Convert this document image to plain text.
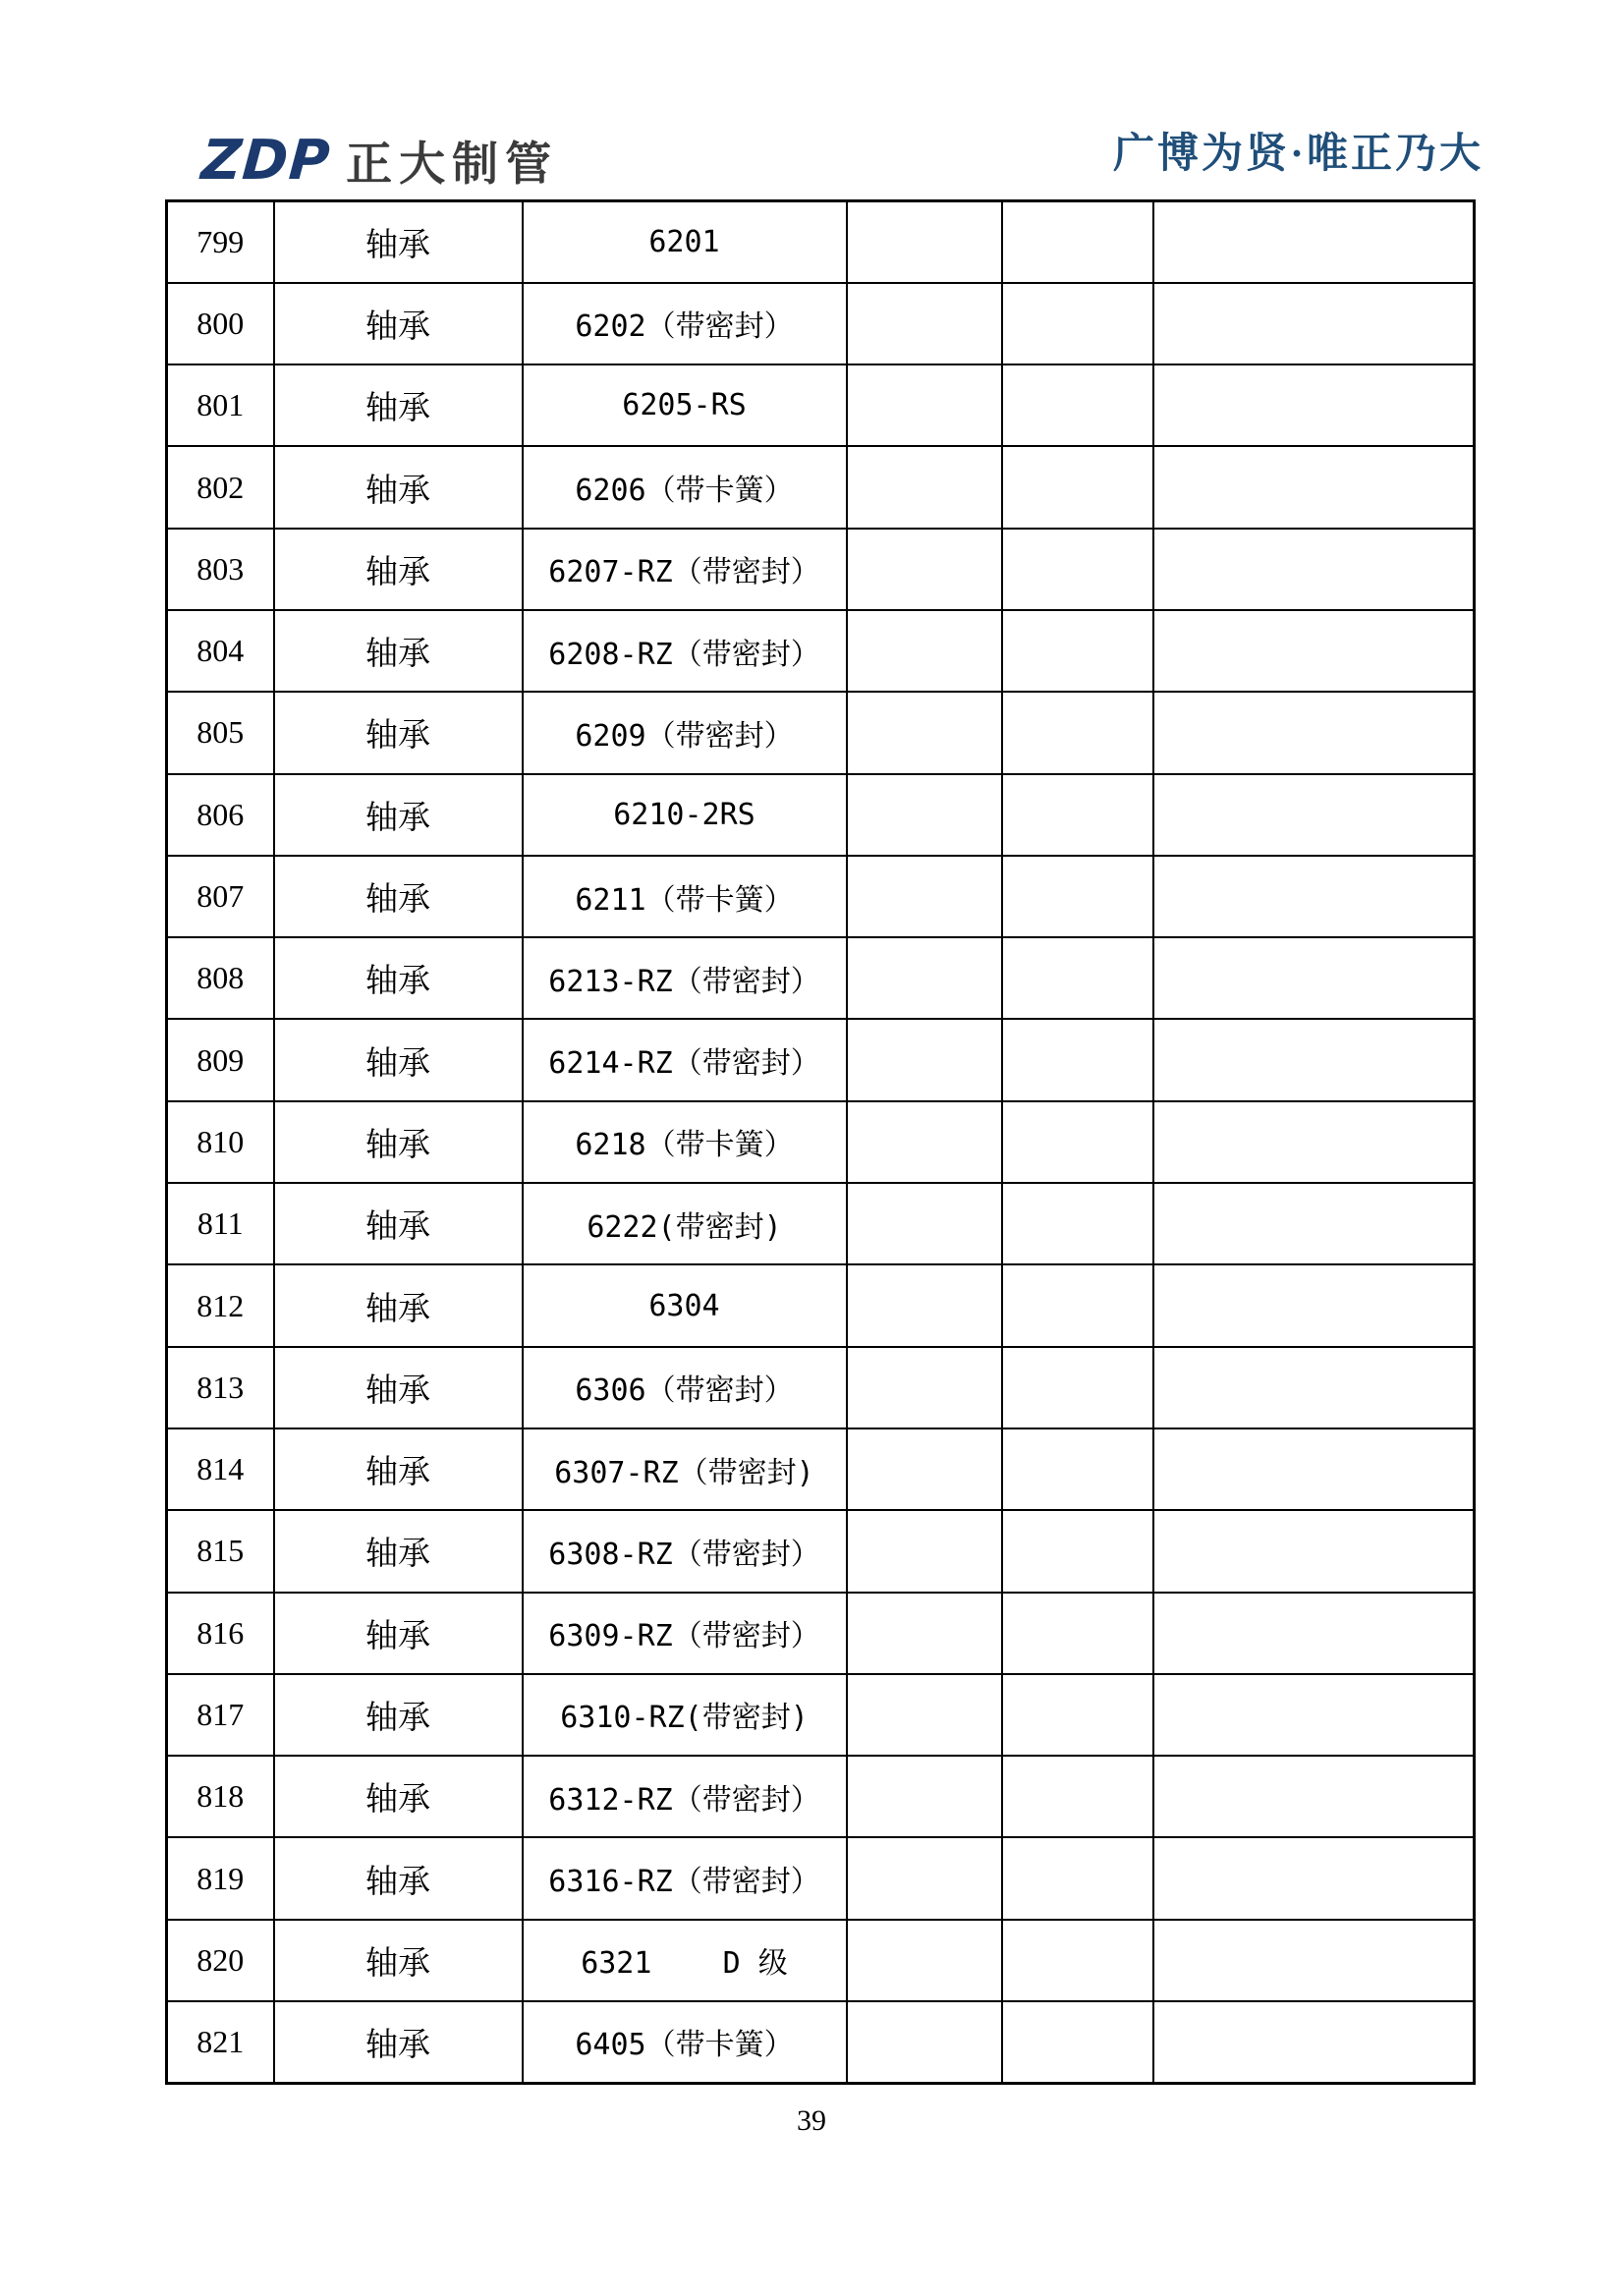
ZDP 正大制管	广博为贤·唯正乃大
799	轴承	6201			
800	轴承	6202（带密封）			
801	轴承	6205-RS			
802	轴承	6206（带卡簧）			
803	轴承	6207-RZ（带密封）			
804	轴承	6208-RZ（带密封）			
805	轴承	6209（带密封）			
806	轴承	6210-2RS			
807	轴承	6211（带卡簧）			
808	轴承	6213-RZ（带密封）			
809	轴承	6214-RZ（带密封）			
810	轴承	6218（带卡簧）			
811	轴承	6222(带密封)			
812	轴承	6304			
813	轴承	6306（带密封）			
814	轴承	6307-RZ（带密封)			
815	轴承	6308-RZ（带密封）			
816	轴承	6309-RZ（带密封）			
817	轴承	6310-RZ(带密封)			
818	轴承	6312-RZ（带密封）			
819	轴承	6316-RZ（带密封）			
820	轴承	6321    D 级			
821	轴承	6405（带卡簧）			
39
